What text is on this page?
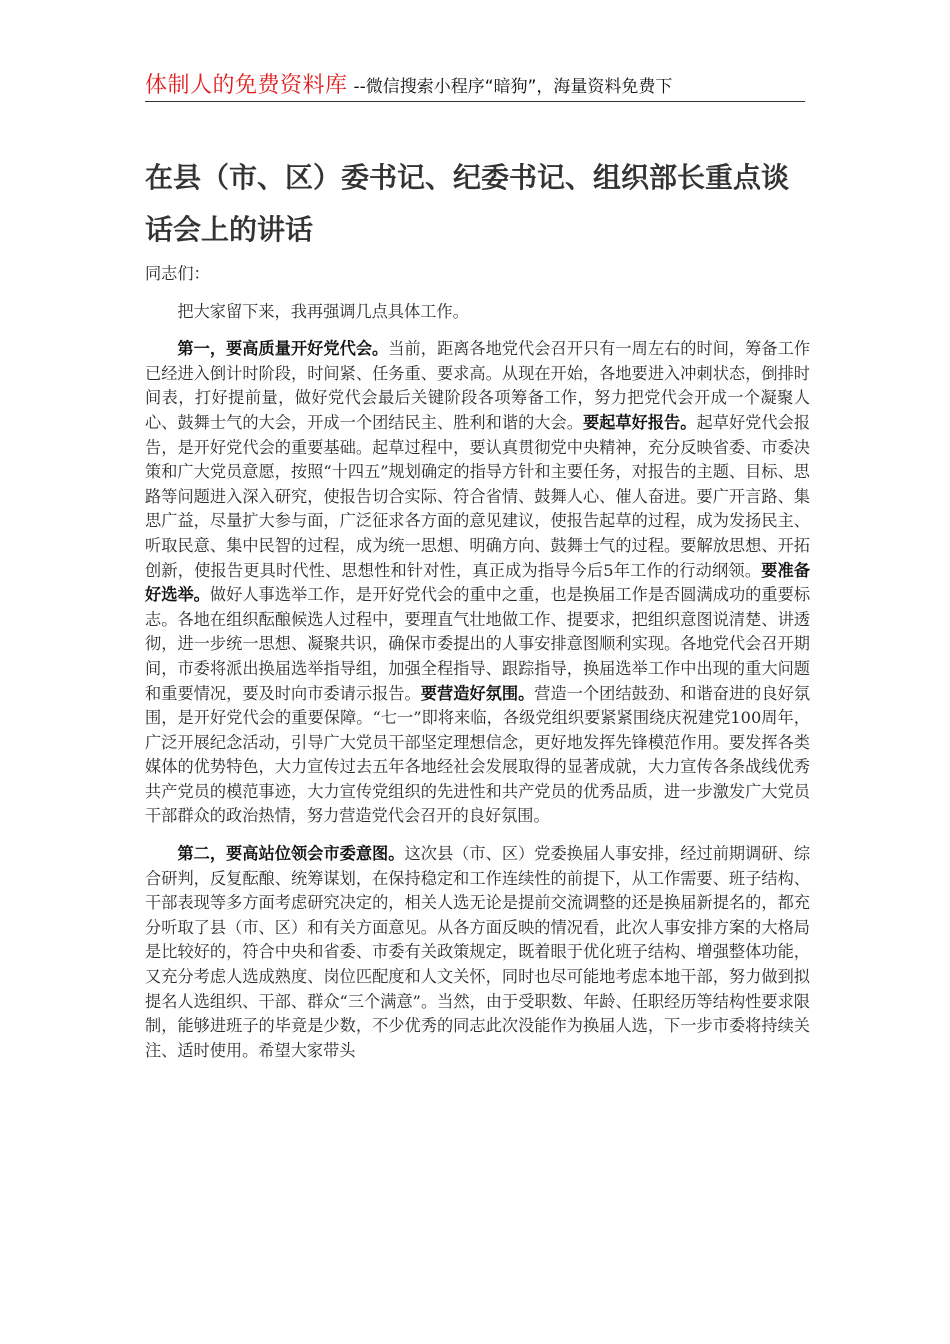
体制人的免费资料库 --微信搜索小程序“暗狗”，海量资料免费下
在县（市、区）委书记、纪委书记、组织部长重点谈话会上的讲话

同志们：

把大家留下来，我再强调几点具体工作。

第一，要高质量开好党代会。当前，距离各地党代会召开只有一周左右的时间，筹备工作已经进入倒计时阶段，时间紧、任务重、要求高。从现在开始，各地要进入冲刺状态，倒排时间表，打好提前量，做好党代会最后关键阶段各项筹备工作，努力把党代会开成一个凝聚人心、鼓舞士气的大会，开成一个团结民主、胜利和谐的大会。要起草好报告。起草好党代会报告，是开好党代会的重要基础。起草过程中，要认真贯彻党中央精神，充分反映省委、市委决策和广大党员意愿，按照“十四五”规划确定的指导方针和主要任务，对报告的主题、目标、思路等问题进入深入研究，使报告切合实际、符合省情、鼓舞人心、催人奋进。要广开言路、集思广益，尽量扩大参与面，广泛征求各方面的意见建议，使报告起草的过程，成为发扬民主、听取民意、集中民智的过程，成为统一思想、明确方向、鼓舞士气的过程。要解放思想、开拓创新，使报告更具时代性、思想性和针对性，真正成为指导今后5年工作的行动纲领。要准备好选举。做好人事选举工作，是开好党代会的重中之重，也是换届工作是否圆满成功的重要标志。各地在组织酝酿候选人过程中，要理直气壮地做工作、提要求，把组织意图说清楚、讲透彻，进一步统一思想、凝聚共识，确保市委提出的人事安排意图顺利实现。各地党代会召开期间，市委将派出换届选举指导组，加强全程指导、跟踪指导，换届选举工作中出现的重大问题和重要情况，要及时向市委请示报告。要营造好氛围。营造一个团结鼓劲、和谐奋进的良好氛围，是开好党代会的重要保障。“七一”即将来临，各级党组织要紧紧围绕庆祝建党100周年，广泛开展纪念活动，引导广大党员干部坚定理想信念，更好地发挥先锋模范作用。要发挥各类媒体的优势特色，大力宣传过去五年各地经社会发展取得的显著成就，大力宣传各条战线优秀共产党员的模范事迹，大力宣传党组织的先进性和共产党员的优秀品质，进一步激发广大党员干部群众的政治热情，努力营造党代会召开的良好氛围。

第二，要高站位领会市委意图。这次县（市、区）党委换届人事安排，经过前期调研、综合研判，反复酝酿、统筹谋划，在保持稳定和工作连续性的前提下，从工作需要、班子结构、干部表现等多方面考虑研究决定的，相关人选无论是提前交流调整的还是换届新提名的，都充分听取了县（市、区）和有关方面意见。从各方面反映的情况看，此次人事安排方案的大格局是比较好的，符合中央和省委、市委有关政策规定，既着眼于优化班子结构、增强整体功能，又充分考虑人选成熟度、岗位匹配度和人文关怀，同时也尽可能地考虑本地干部，努力做到拟提名人选组织、干部、群众“三个满意”。当然，由于受职数、年龄、任职经历等结构性要求限制，能够进班子的毕竟是少数，不少优秀的同志此次没能作为换届人选，下一步市委将持续关注、适时使用。希望大家带头
